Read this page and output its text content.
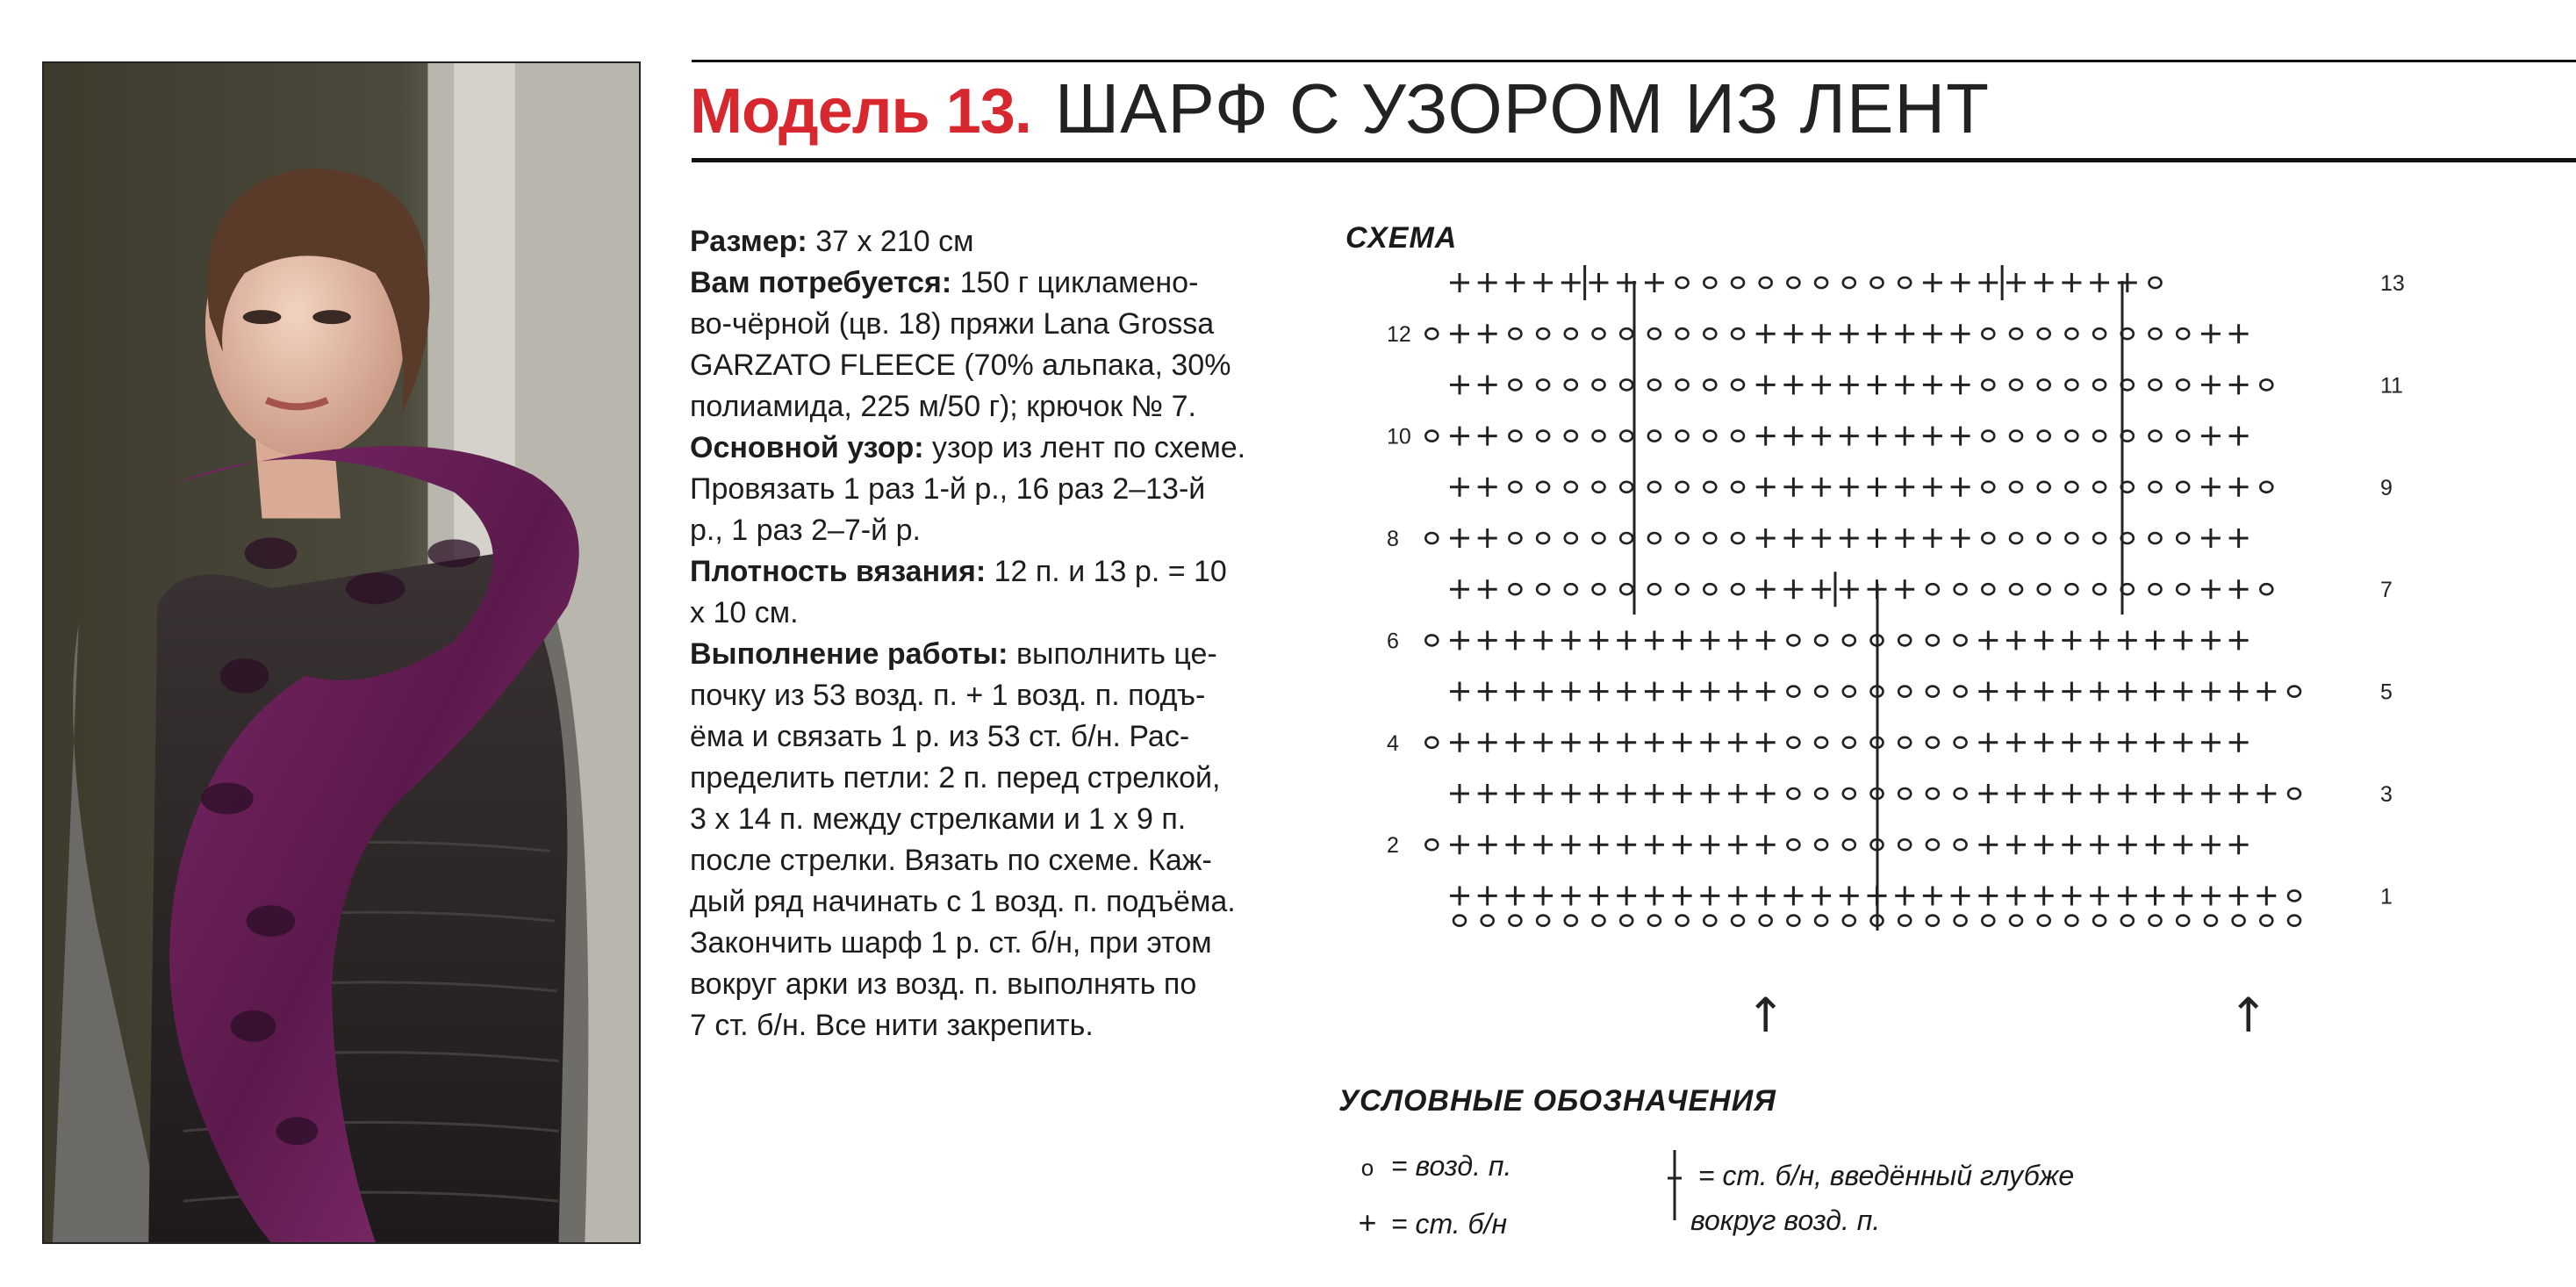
Модель 13 . ШАРФ С УЗОРОМ ИЗ ЛЕНТ

Размер: 37 х 210 см

Вам потребуется: 150 г цикламено-
во-чёрной (цв. 18) пряжи Lana Grossa
GARZATO FLEECE (70% альпака, 30%
полиамида, 225 м/50 г); крючок № 7.

Основной узор: узор из лент по схеме.
Провязать 1 раз 1-й р., 16 раз 2–13-й
р., 1 раз 2–7-й р.

Плотность вязания: 12 п. и 13 р. = 10
х 10 см.

Выполнение работы: выполнить це-
почку из 53 возд. п. + 1 возд. п. подъ-
ёма и связать 1 р. из 53 ст. б/н. Рас-
пределить петли: 2 п. перед стрелкой,
3 х 14 п. между стрелками и 1 х 9 п.
после стрелки. Вязать по схеме. Каж-
дый ряд начинать с 1 возд. п. подъёма.
Закончить шарф 1 р. ст. б/н, при этом
вокруг арки из возд. п. выполнять по
7 ст. б/н. Все нити закрепить.

СХЕМА
13
12
11
10
9
8
7
6
5
4
3
2
1
↑	↑
УСЛОВНЫЕ ОБОЗНАЧЕНИЯ
o = возд. п.
+ = ст. б/н
= ст. б/н, введённый глубже
вокруг возд. п.
